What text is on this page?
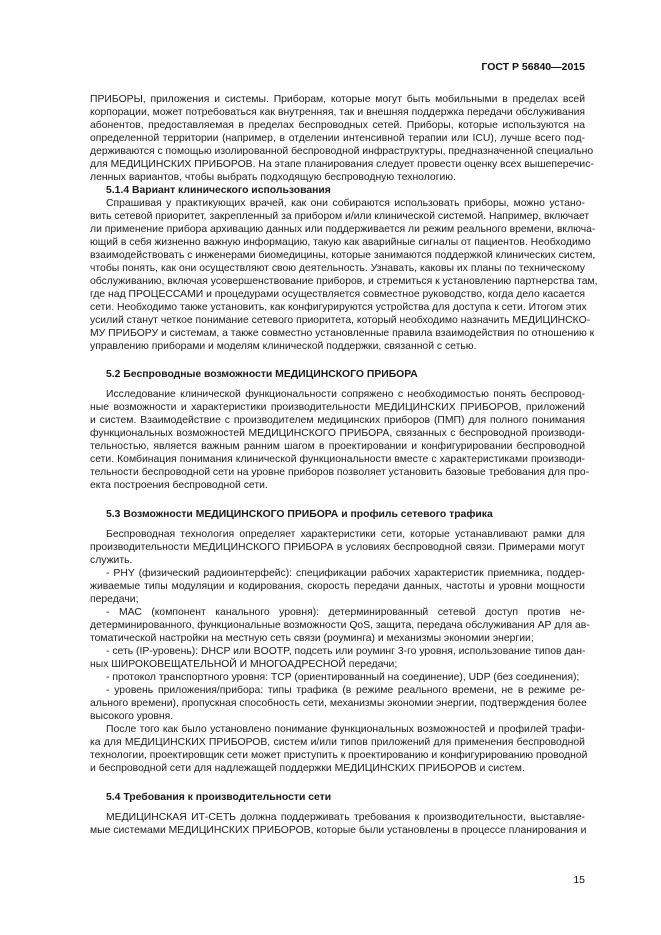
ГОСТ Р 56840—2015
ПРИБОРЫ, приложения и системы. Приборам, которые могут быть мобильными в пределах всей
корпорации, может потребоваться как внутренняя, так и внешняя поддержка передачи обслуживания
абонентов, предоставляемая в пределах беспроводных сетей. Приборы, которые используются на
определенной территории (например, в отделении интенсивной терапии или ICU), лучше всего под-
держиваются с помощью изолированной беспроводной инфраструктуры, предназначенной специально
для МЕДИЦИНСКИХ ПРИБОРОВ. На этапе планирования следует провести оценку всех вышеперечис-
ленных вариантов, чтобы выбрать подходящую беспроводную технологию.
5.1.4 Вариант клинического использования
Спрашивая у практикующих врачей, как они собираются использовать приборы, можно устано-
вить сетевой приоритет, закрепленный за прибором и/или клинической системой. Например, включает
ли применение прибора архивацию данных или поддерживается ли режим реального времени, включа-
ющий в себя жизненно важную информацию, такую как аварийные сигналы от пациентов. Необходимо
взаимодействовать с инженерами биомедицины, которые занимаются поддержкой клинических систем,
чтобы понять, как они осуществляют свою деятельность. Узнавать, каковы их планы по техническому
обслуживанию, включая усовершенствование приборов, и стремиться к установлению партнерства там,
где над ПРОЦЕССАМИ и процедурами осуществляется совместное руководство, когда дело касается
сети. Необходимо также установить, как конфигурируются устройства для доступа к сети. Итогом этих
усилий станут четкое понимание сетевого приоритета, который необходимо назначить МЕДИЦИНСКО-
МУ ПРИБОРУ и системам, а также совместно установленные правила взаимодействия по отношению к
управлению приборами и моделям клинической поддержки, связанной с сетью.
5.2 Беспроводные возможности МЕДИЦИНСКОГО ПРИБОРА
Исследование клинической функциональности сопряжено с необходимостью понять беспровод-
ные возможности и характеристики производительности МЕДИЦИНСКИХ ПРИБОРОВ, приложений
и систем. Взаимодействие с производителем медицинских приборов (ПМП) для полного понимания
функциональных возможностей МЕДИЦИНСКОГО ПРИБОРА, связанных с беспроводной производи-
тельностью, является важным ранним шагом в проектировании и конфигурировании беспроводной
сети. Комбинация понимания клинической функциональности вместе с характеристиками производи-
тельности беспроводной сети на уровне приборов позволяет установить базовые требования для про-
екта построения беспроводной сети.
5.3 Возможности МЕДИЦИНСКОГО ПРИБОРА и профиль сетевого трафика
Беспроводная технология определяет характеристики сети, которые устанавливают рамки для
производительности МЕДИЦИНСКОГО ПРИБОРА в условиях беспроводной связи. Примерами могут
служить.
- PHY (физический радиоинтерфейс): спецификации рабочих характеристик приемника, поддер-
живаемые типы модуляции и кодирования, скорость передачи данных, частоты и уровни мощности
передачи;
- МАС (компонент канального уровня): детерминированный сетевой доступ против не-
детерминированного, функциональные возможности QoS, защита, передача обслуживания АР для ав-
томатической настройки на местную сеть связи (роуминга) и механизмы экономии энергии;
- сеть (IP-уровень): DHCP или BOOTP, подсеть или роуминг 3-го уровня, использование типов дан-
ных ШИРОКОВЕЩАТЕЛЬНОЙ И МНОГОАДРЕСНОЙ передачи;
- протокол транспортного уровня: TCP (ориентированный на соединение), UDP (без соединения);
- уровень приложения/прибора: типы трафика (в режиме реального времени, не в режиме ре-
ального времени), пропускная способность сети, механизмы экономии энергии, подтверждения более
высокого уровня.
После того как было установлено понимание функциональных возможностей и профилей трафи-
ка для МЕДИЦИНСКИХ ПРИБОРОВ, систем и/или типов приложений для применения беспроводной
технологии, проектировщик сети может приступить к проектированию и конфигурированию проводной
и беспроводной сети для надлежащей поддержки МЕДИЦИНСКИХ ПРИБОРОВ и систем.
5.4 Требования к производительности сети
МЕДИЦИНСКАЯ ИТ-СЕТЬ должна поддерживать требования к производительности, выставляе-
мые системами МЕДИЦИНСКИХ ПРИБОРОВ, которые были установлены в процессе планирования и
15
